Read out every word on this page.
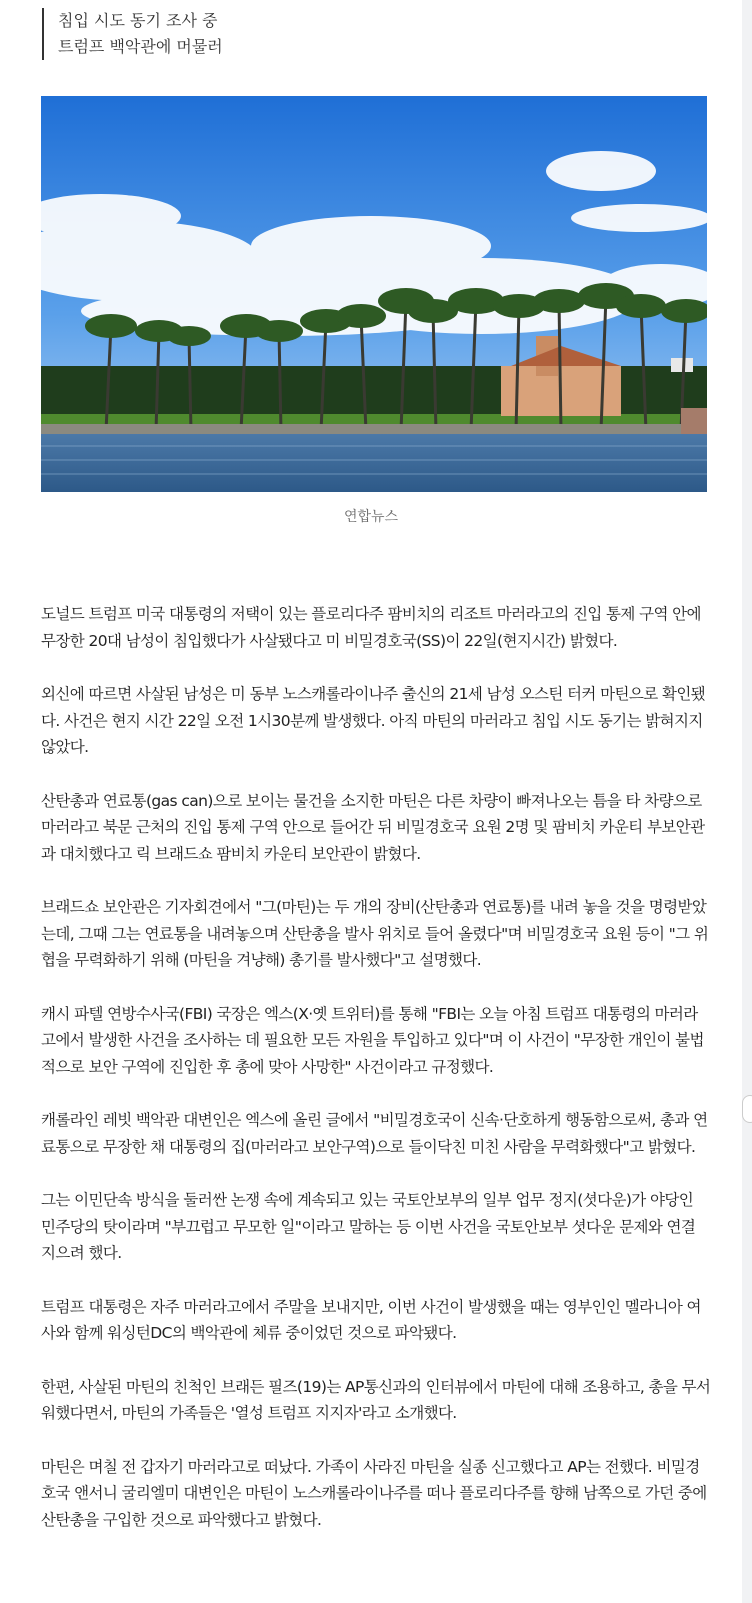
침입 시도 동기 조사 중
트럼프 백악관에 머물러
연합뉴스

도널드 트럼프 미국 대통령의 저택이 있는 플로리다주 팜비치의 리조트 마러라고의 진입 통제 구역 안에 무장한 20대 남성이 침입했다가 사살됐다고 미 비밀경호국(SS)이 22일(현지시간) 밝혔다.

외신에 따르면 사살된 남성은 미 동부 노스캐롤라이나주 출신의 21세 남성 오스틴 터커 마틴으로 확인됐다. 사건은 현지 시간 22일 오전 1시30분께 발생했다. 아직 마틴의 마러라고 침입 시도 동기는 밝혀지지 않았다.

산탄총과 연료통(gas can)으로 보이는 물건을 소지한 마틴은 다른 차량이 빠져나오는 틈을 타 차량으로 마러라고 북문 근처의 진입 통제 구역 안으로 들어간 뒤 비밀경호국 요원 2명 및 팜비치 카운티 부보안관과 대치했다고 릭 브래드쇼 팜비치 카운티 보안관이 밝혔다.

브래드쇼 보안관은 기자회견에서 "그(마틴)는 두 개의 장비(산탄총과 연료통)를 내려 놓을 것을 명령받았는데, 그때 그는 연료통을 내려놓으며 산탄총을 발사 위치로 들어 올렸다"며 비밀경호국 요원 등이 "그 위협을 무력화하기 위해 (마틴을 겨냥해) 총기를 발사했다"고 설명했다.

캐시 파텔 연방수사국(FBI) 국장은 엑스(X·옛 트위터)를 통해 "FBI는 오늘 아침 트럼프 대통령의 마러라고에서 발생한 사건을 조사하는 데 필요한 모든 자원을 투입하고 있다"며 이 사건이 "무장한 개인이 불법적으로 보안 구역에 진입한 후 총에 맞아 사망한" 사건이라고 규정했다.

캐롤라인 레빗 백악관 대변인은 엑스에 올린 글에서 "비밀경호국이 신속·단호하게 행동함으로써, 총과 연료통으로 무장한 채 대통령의 집(마러라고 보안구역)으로 들이닥친 미친 사람을 무력화했다"고 밝혔다.

그는 이민단속 방식을 둘러싼 논쟁 속에 계속되고 있는 국토안보부의 일부 업무 정지(셧다운)가 야당인 민주당의 탓이라며 "부끄럽고 무모한 일"이라고 말하는 등 이번 사건을 국토안보부 셧다운 문제와 연결 지으려 했다.

트럼프 대통령은 자주 마러라고에서 주말을 보내지만, 이번 사건이 발생했을 때는 영부인인 멜라니아 여사와 함께 워싱턴DC의 백악관에 체류 중이었던 것으로 파악됐다.

한편, 사살된 마틴의 친척인 브래든 필즈(19)는 AP통신과의 인터뷰에서 마틴에 대해 조용하고, 총을 무서워했다면서, 마틴의 가족들은 '열성 트럼프 지지자'라고 소개했다.

마틴은 며칠 전 갑자기 마러라고로 떠났다. 가족이 사라진 마틴을 실종 신고했다고 AP는 전했다. 비밀경호국 앤서니 굴리엘미 대변인은 마틴이 노스캐롤라이나주를 떠나 플로리다주를 향해 남쪽으로 가던 중에 산탄총을 구입한 것으로 파악했다고 밝혔다.
